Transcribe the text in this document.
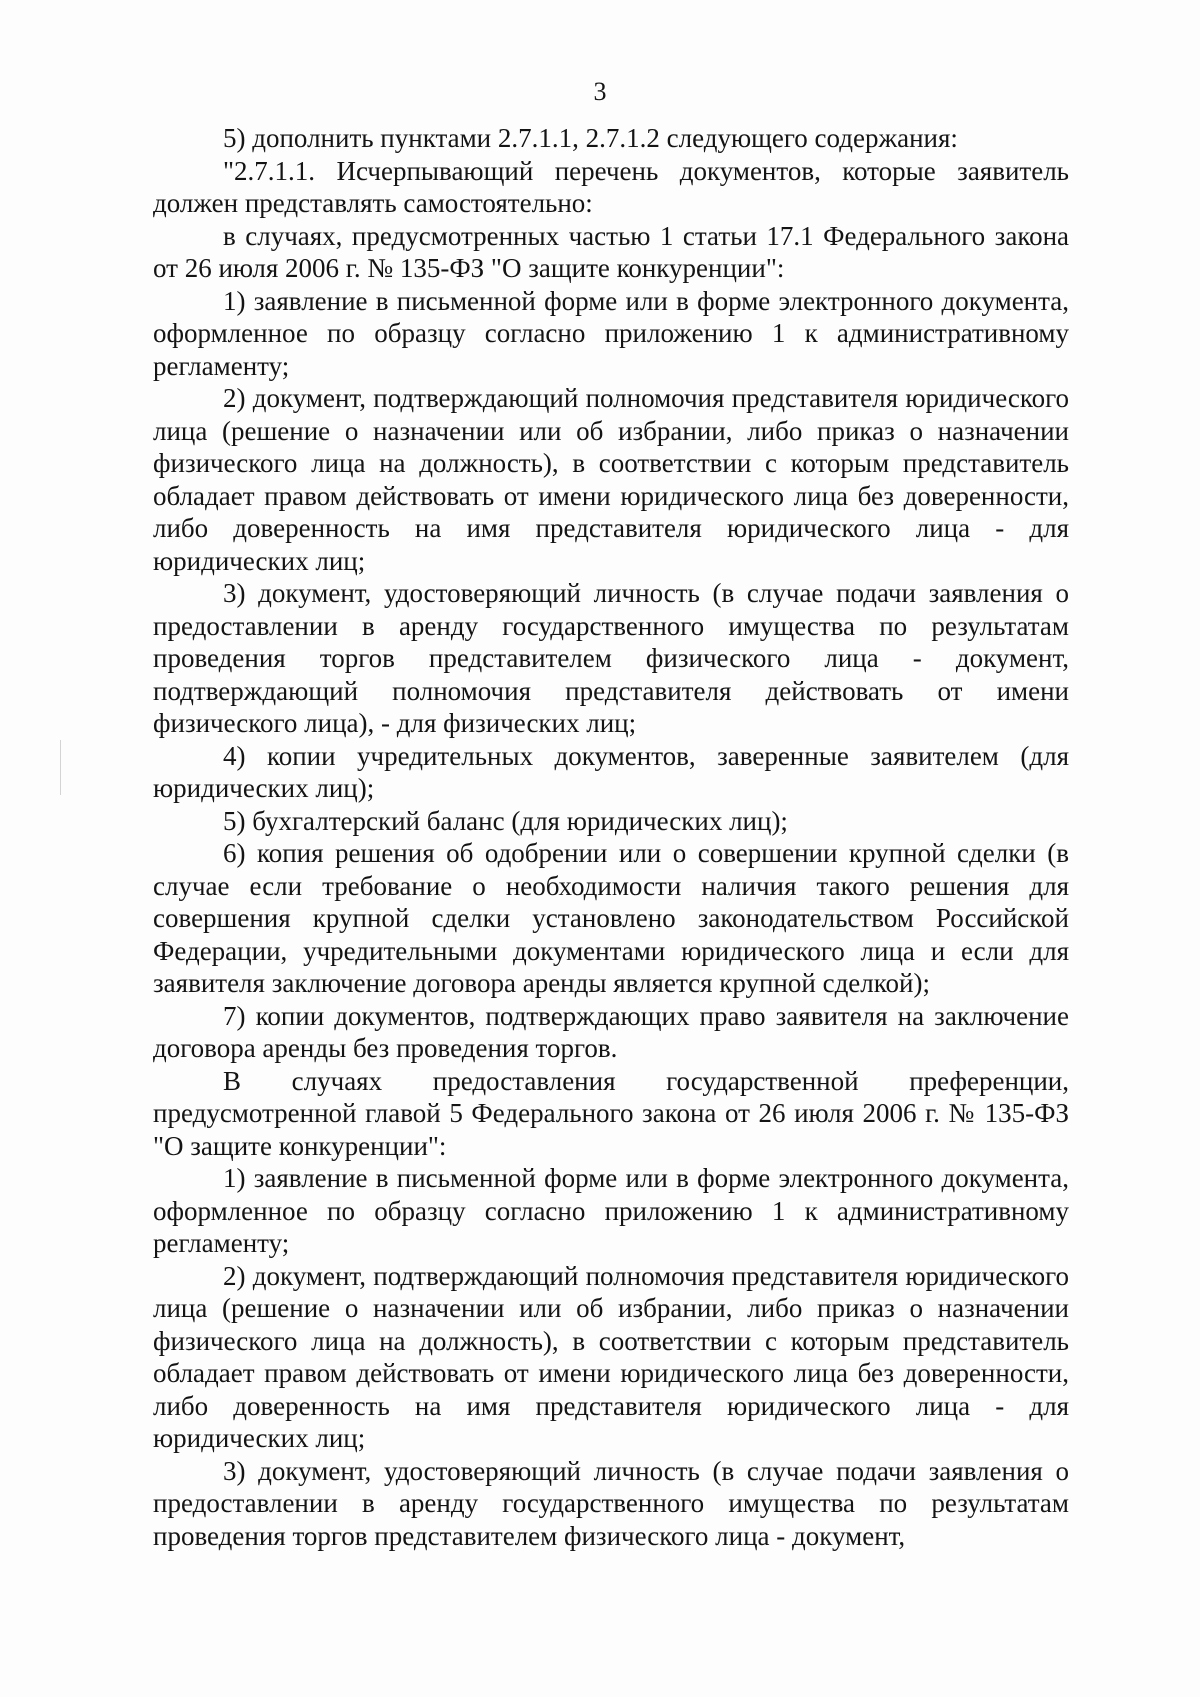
3

5) дополнить пунктами 2.7.1.1, 2.7.1.2 следующего содержания:

"2.7.1.1. Исчерпывающий перечень документов, которые заявитель должен представлять самостоятельно:

в случаях, предусмотренных частью 1 статьи 17.1 Федерального закона от 26 июля 2006 г. № 135-ФЗ "О защите конкуренции":

1) заявление в письменной форме или в форме электронного документа, оформленное по образцу согласно приложению 1 к административному регламенту;

2) документ, подтверждающий полномочия представителя юридического лица (решение о назначении или об избрании, либо приказ о назначении физического лица на должность), в соответствии с которым представитель обладает правом действовать от имени юридического лица без доверенности, либо доверенность на имя представителя юридического лица - для юридических лиц;

3) документ, удостоверяющий личность (в случае подачи заявления о предоставлении в аренду государственного имущества по результатам проведения торгов представителем физического лица - документ, подтверждающий полномочия представителя действовать от имени физического лица), - для физических лиц;

4) копии учредительных документов, заверенные заявителем (для юридических лиц);

5) бухгалтерский баланс (для юридических лиц);

6) копия решения об одобрении или о совершении крупной сделки (в случае если требование о необходимости наличия такого решения для совершения крупной сделки установлено законодательством Российской Федерации, учредительными документами юридического лица и если для заявителя заключение договора аренды является крупной сделкой);

7) копии документов, подтверждающих право заявителя на заключение договора аренды без проведения торгов.

В случаях предоставления государственной преференции, предусмотренной главой 5 Федерального закона от 26 июля 2006 г. № 135-ФЗ "О защите конкуренции":

1) заявление в письменной форме или в форме электронного документа, оформленное по образцу согласно приложению 1 к административному регламенту;

2) документ, подтверждающий полномочия представителя юридического лица (решение о назначении или об избрании, либо приказ о назначении физического лица на должность), в соответствии с которым представитель обладает правом действовать от имени юридического лица без доверенности, либо доверенность на имя представителя юридического лица - для юридических лиц;

3) документ, удостоверяющий личность (в случае подачи заявления о предоставлении в аренду государственного имущества по результатам проведения торгов представителем физического лица - документ,
